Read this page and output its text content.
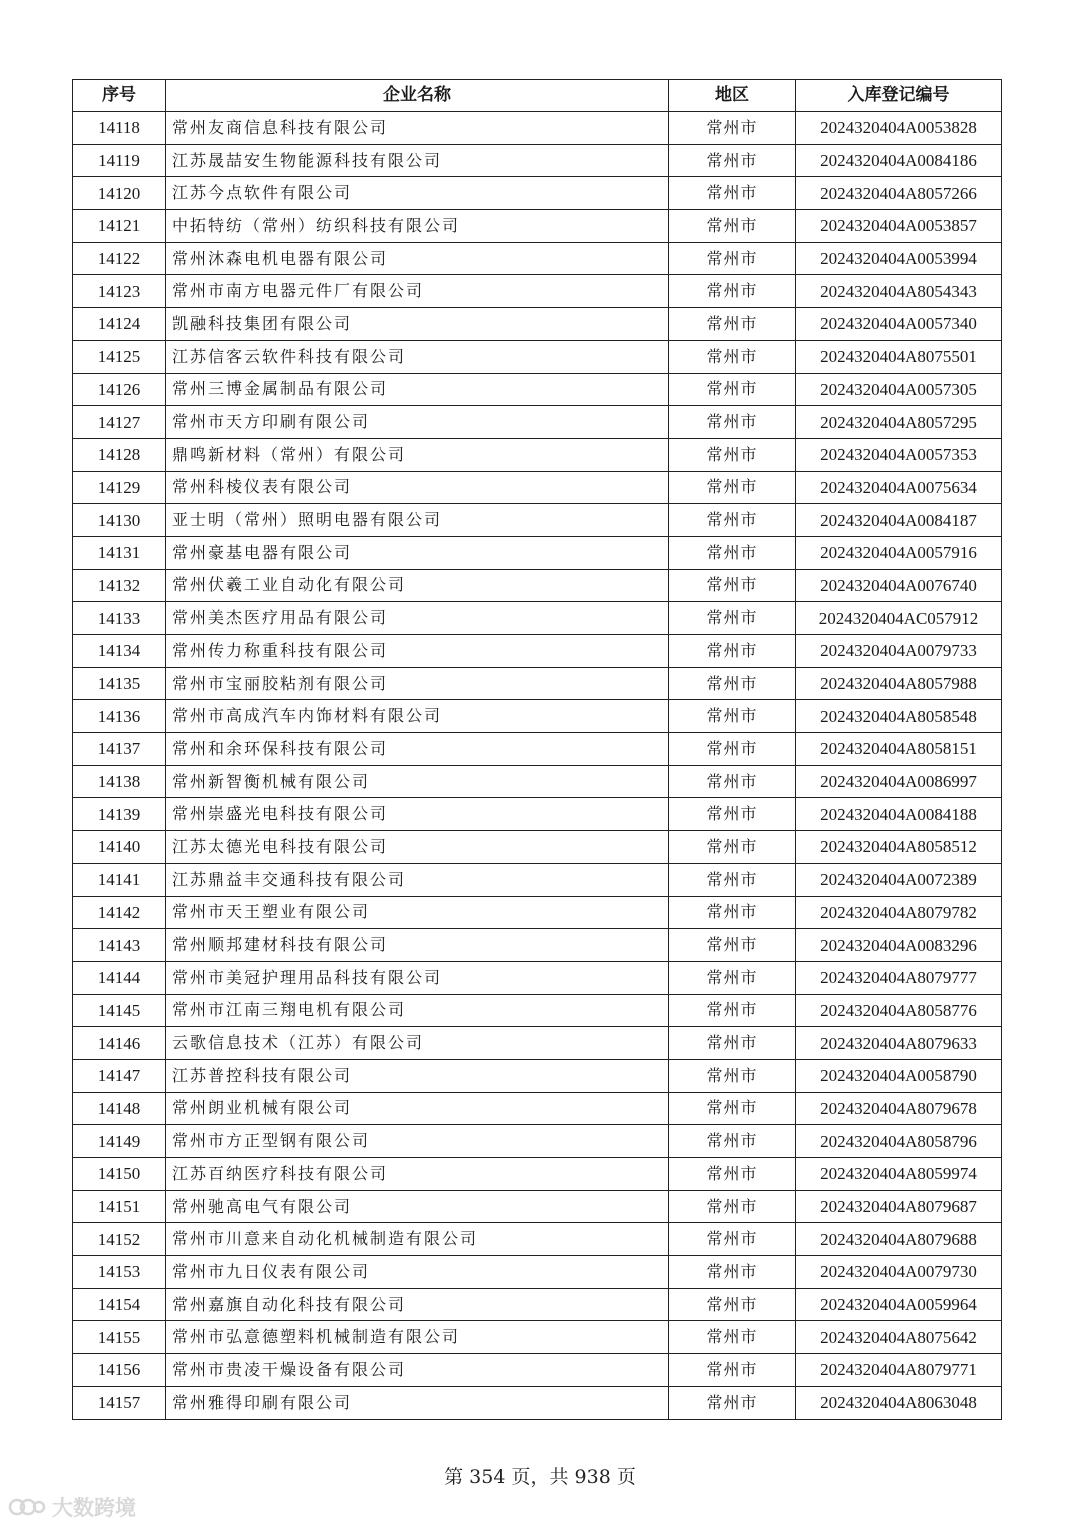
序号	企业名称	地区	入库登记编号
14118	常州友商信息科技有限公司	常州市	2024320404A0053828
14119	江苏晟喆安生物能源科技有限公司	常州市	2024320404A0084186
14120	江苏今点软件有限公司	常州市	2024320404A8057266
14121	中拓特纺（常州）纺织科技有限公司	常州市	2024320404A0053857
14122	常州沐森电机电器有限公司	常州市	2024320404A0053994
14123	常州市南方电器元件厂有限公司	常州市	2024320404A8054343
14124	凯融科技集团有限公司	常州市	2024320404A0057340
14125	江苏信客云软件科技有限公司	常州市	2024320404A8075501
14126	常州三博金属制品有限公司	常州市	2024320404A0057305
14127	常州市天方印刷有限公司	常州市	2024320404A8057295
14128	鼎鸣新材料（常州）有限公司	常州市	2024320404A0057353
14129	常州科棱仪表有限公司	常州市	2024320404A0075634
14130	亚士明（常州）照明电器有限公司	常州市	2024320404A0084187
14131	常州豪基电器有限公司	常州市	2024320404A0057916
14132	常州伏羲工业自动化有限公司	常州市	2024320404A0076740
14133	常州美杰医疗用品有限公司	常州市	2024320404AC057912
14134	常州传力称重科技有限公司	常州市	2024320404A0079733
14135	常州市宝丽胶粘剂有限公司	常州市	2024320404A8057988
14136	常州市高成汽车内饰材料有限公司	常州市	2024320404A8058548
14137	常州和余环保科技有限公司	常州市	2024320404A8058151
14138	常州新智衡机械有限公司	常州市	2024320404A0086997
14139	常州崇盛光电科技有限公司	常州市	2024320404A0084188
14140	江苏太德光电科技有限公司	常州市	2024320404A8058512
14141	江苏鼎益丰交通科技有限公司	常州市	2024320404A0072389
14142	常州市天王塑业有限公司	常州市	2024320404A8079782
14143	常州顺邦建材科技有限公司	常州市	2024320404A0083296
14144	常州市美冠护理用品科技有限公司	常州市	2024320404A8079777
14145	常州市江南三翔电机有限公司	常州市	2024320404A8058776
14146	云歌信息技术（江苏）有限公司	常州市	2024320404A8079633
14147	江苏普控科技有限公司	常州市	2024320404A0058790
14148	常州朗业机械有限公司	常州市	2024320404A8079678
14149	常州市方正型钢有限公司	常州市	2024320404A8058796
14150	江苏百纳医疗科技有限公司	常州市	2024320404A8059974
14151	常州驰高电气有限公司	常州市	2024320404A8079687
14152	常州市川意来自动化机械制造有限公司	常州市	2024320404A8079688
14153	常州市九日仪表有限公司	常州市	2024320404A0079730
14154	常州嘉旗自动化科技有限公司	常州市	2024320404A0059964
14155	常州市弘意德塑料机械制造有限公司	常州市	2024320404A8075642
14156	常州市贵凌干燥设备有限公司	常州市	2024320404A8079771
14157	常州雅得印刷有限公司	常州市	2024320404A8063048
第 354 页，共 938 页
大数跨境
